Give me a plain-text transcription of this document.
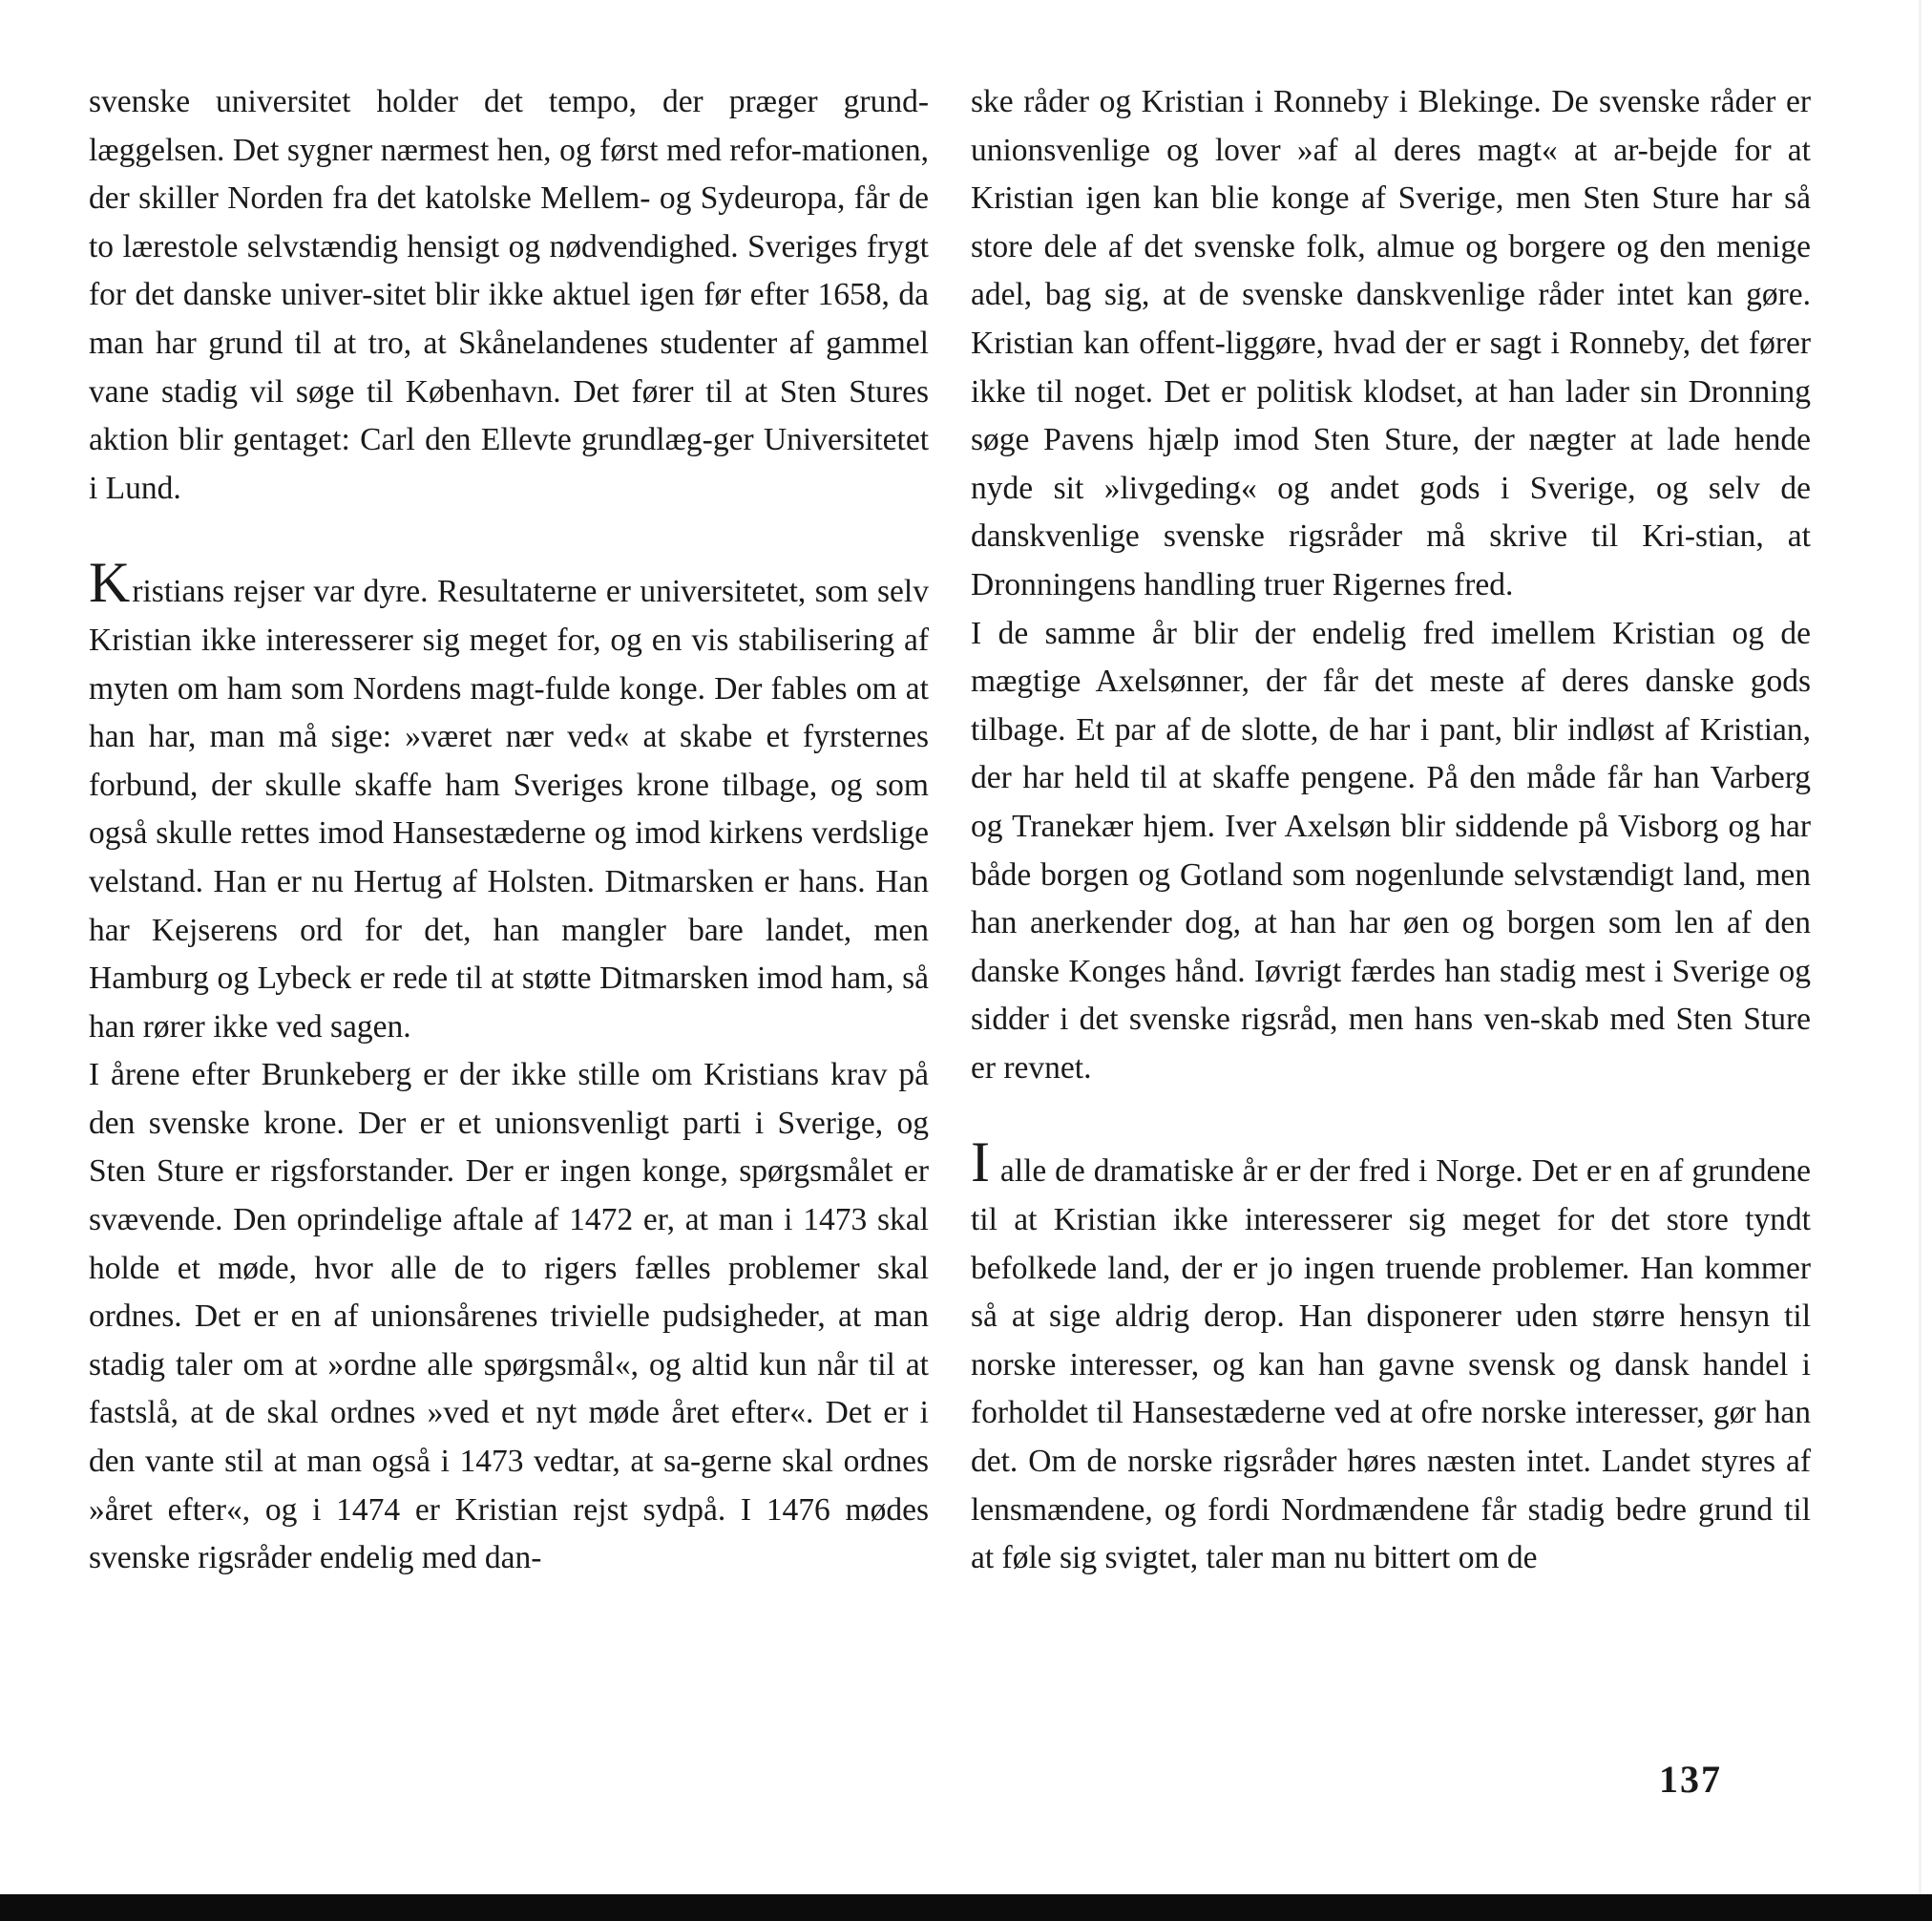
svenske universitet holder det tempo, der præger grund-læggelsen. Det sygner nærmest hen, og først med refor-mationen, der skiller Norden fra det katolske Mellem- og Sydeuropa, får de to lærestole selvstændig hensigt og nødvendighed. Sveriges frygt for det danske univer-sitet blir ikke aktuel igen før efter 1658, da man har grund til at tro, at Skånelandenes studenter af gammel vane stadig vil søge til København. Det fører til at Sten Stures aktion blir gentaget: Carl den Ellevte grundlæg-ger Universitetet i Lund.

Kristians rejser var dyre. Resultaterne er universitetet, som selv Kristian ikke interesserer sig meget for, og en vis stabilisering af myten om ham som Nordens magt-fulde konge. Der fables om at han har, man må sige: »været nær ved« at skabe et fyrsternes forbund, der skulle skaffe ham Sveriges krone tilbage, og som også skulle rettes imod Hansestæderne og imod kirkens verdslige velstand. Han er nu Hertug af Holsten. Ditmarsken er hans. Han har Kejserens ord for det, han mangler bare landet, men Hamburg og Lybeck er rede til at støtte Ditmarsken imod ham, så han rører ikke ved sagen.

I årene efter Brunkeberg er der ikke stille om Kristians krav på den svenske krone. Der er et unionsvenligt parti i Sverige, og Sten Sture er rigsforstander. Der er ingen konge, spørgsmålet er svævende. Den oprindelige aftale af 1472 er, at man i 1473 skal holde et møde, hvor alle de to rigers fælles problemer skal ordnes. Det er en af unionsårenes trivielle pudsigheder, at man stadig taler om at »ordne alle spørgsmål«, og altid kun når til at fastslå, at de skal ordnes »ved et nyt møde året efter«. Det er i den vante stil at man også i 1473 vedtar, at sa-gerne skal ordnes »året efter«, og i 1474 er Kristian rejst sydpå. I 1476 mødes svenske rigsråder endelig med dan-

ske råder og Kristian i Ronneby i Blekinge. De svenske råder er unionsvenlige og lover »af al deres magt« at ar-bejde for at Kristian igen kan blie konge af Sverige, men Sten Sture har så store dele af det svenske folk, almue og borgere og den menige adel, bag sig, at de svenske danskvenlige råder intet kan gøre. Kristian kan offent-liggøre, hvad der er sagt i Ronneby, det fører ikke til noget. Det er politisk klodset, at han lader sin Dronning søge Pavens hjælp imod Sten Sture, der nægter at lade hende nyde sit »livgeding« og andet gods i Sverige, og selv de danskvenlige svenske rigsråder må skrive til Kri-stian, at Dronningens handling truer Rigernes fred.

I de samme år blir der endelig fred imellem Kristian og de mægtige Axelsønner, der får det meste af deres danske gods tilbage. Et par af de slotte, de har i pant, blir indløst af Kristian, der har held til at skaffe pengene. På den måde får han Varberg og Tranekær hjem. Iver Axelsøn blir siddende på Visborg og har både borgen og Gotland som nogenlunde selvstændigt land, men han anerkender dog, at han har øen og borgen som len af den danske Konges hånd. Iøvrigt færdes han stadig mest i Sverige og sidder i det svenske rigsråd, men hans ven-skab med Sten Sture er revnet.

I alle de dramatiske år er der fred i Norge. Det er en af grundene til at Kristian ikke interesserer sig meget for det store tyndt befolkede land, der er jo ingen truende problemer. Han kommer så at sige aldrig derop. Han disponerer uden større hensyn til norske interesser, og kan han gavne svensk og dansk handel i forholdet til Hansestæderne ved at ofre norske interesser, gør han det. Om de norske rigsråder høres næsten intet. Landet styres af lensmændene, og fordi Nordmændene får stadig bedre grund til at føle sig svigtet, taler man nu bittert om de

137
